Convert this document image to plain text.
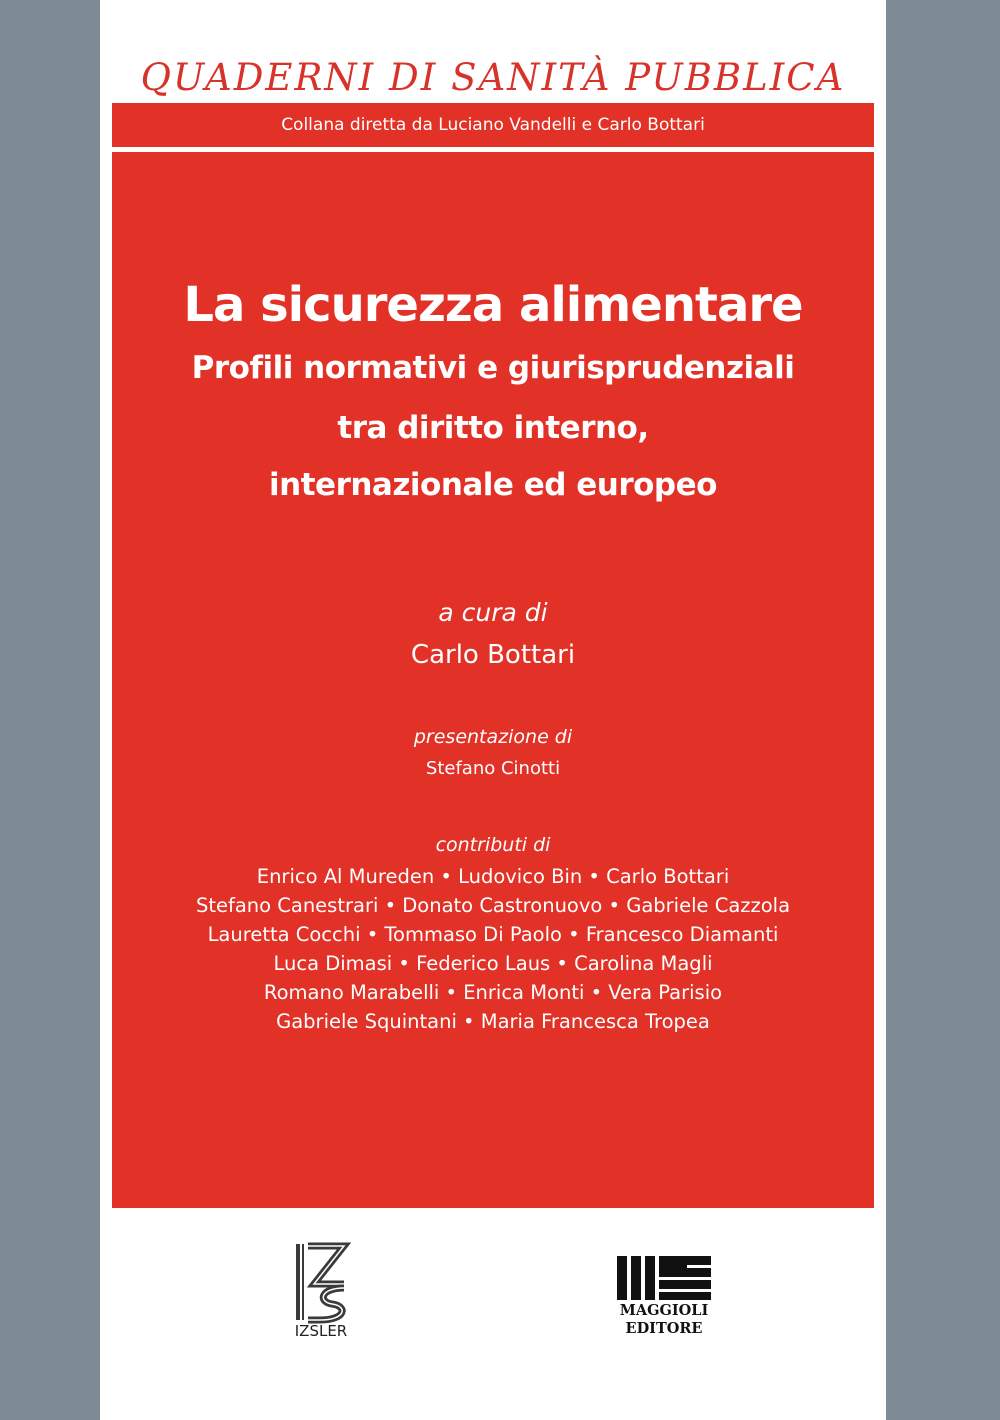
QUADERNI DI SANITÀ PUBBLICA
Collana diretta da Luciano Vandelli e Carlo Bottari
La sicurezza alimentare
Profili normativi e giurisprudenziali
tra diritto interno,
internazionale ed europeo
a cura di
Carlo Bottari
presentazione di
Stefano Cinotti
contributi di
Enrico Al Mureden • Ludovico Bin • Carlo Bottari
Stefano Canestrari • Donato Castronuovo • Gabriele Cazzola
Lauretta Cocchi • Tommaso Di Paolo • Francesco Diamanti
Luca Dimasi • Federico Laus • Carolina Magli
Romano Marabelli • Enrica Monti • Vera Parisio
Gabriele Squintani • Maria Francesca Tropea
IZSLER
MAGGIOLI
EDITORE
